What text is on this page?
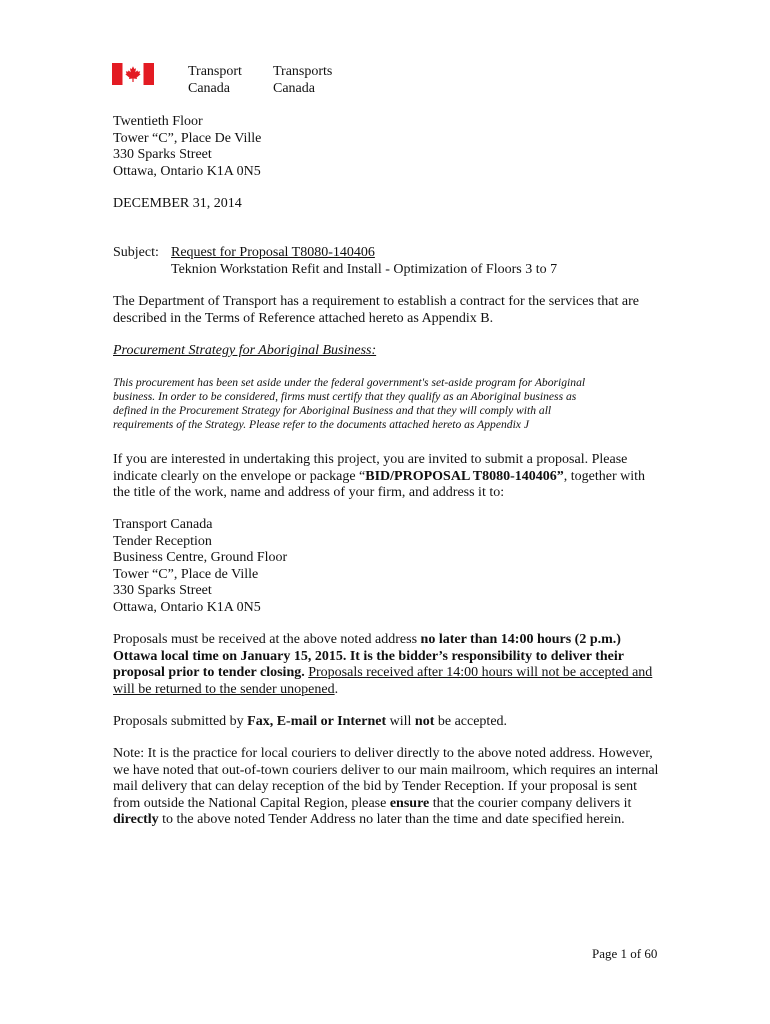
Transport
Canada
Transports
Canada
Twentieth Floor
Tower “C”, Place De Ville
330 Sparks Street
Ottawa, Ontario K1A 0N5
DECEMBER 31, 2014
Subject: Request for Proposal T8080-140406
Teknion Workstation Refit and Install - Optimization of Floors 3 to 7
The Department of Transport has a requirement to establish a contract for the services that are
described in the Terms of Reference attached hereto as Appendix B.
Procurement Strategy for Aboriginal Business:
This procurement has been set aside under the federal government's set-aside program for Aboriginal
business. In order to be considered, firms must certify that they qualify as an Aboriginal business as
defined in the Procurement Strategy for Aboriginal Business and that they will comply with all
requirements of the Strategy. Please refer to the documents attached hereto as Appendix J
If you are interested in undertaking this project, you are invited to submit a proposal. Please
indicate clearly on the envelope or package “BID/PROPOSAL T8080-140406”, together with
the title of the work, name and address of your firm, and address it to:
Transport Canada
Tender Reception
Business Centre, Ground Floor
Tower “C”, Place de Ville
330 Sparks Street
Ottawa, Ontario K1A 0N5
Proposals must be received at the above noted address no later than 14:00 hours (2 p.m.)
Ottawa local time on January 15, 2015. It is the bidder’s responsibility to deliver their
proposal prior to tender closing. Proposals received after 14:00 hours will not be accepted and
will be returned to the sender unopened.
Proposals submitted by Fax, E-mail or Internet will not be accepted.
Note: It is the practice for local couriers to deliver directly to the above noted address. However,
we have noted that out-of-town couriers deliver to our main mailroom, which requires an internal
mail delivery that can delay reception of the bid by Tender Reception. If your proposal is sent
from outside the National Capital Region, please ensure that the courier company delivers it
directly to the above noted Tender Address no later than the time and date specified herein.
Page 1 of 60
